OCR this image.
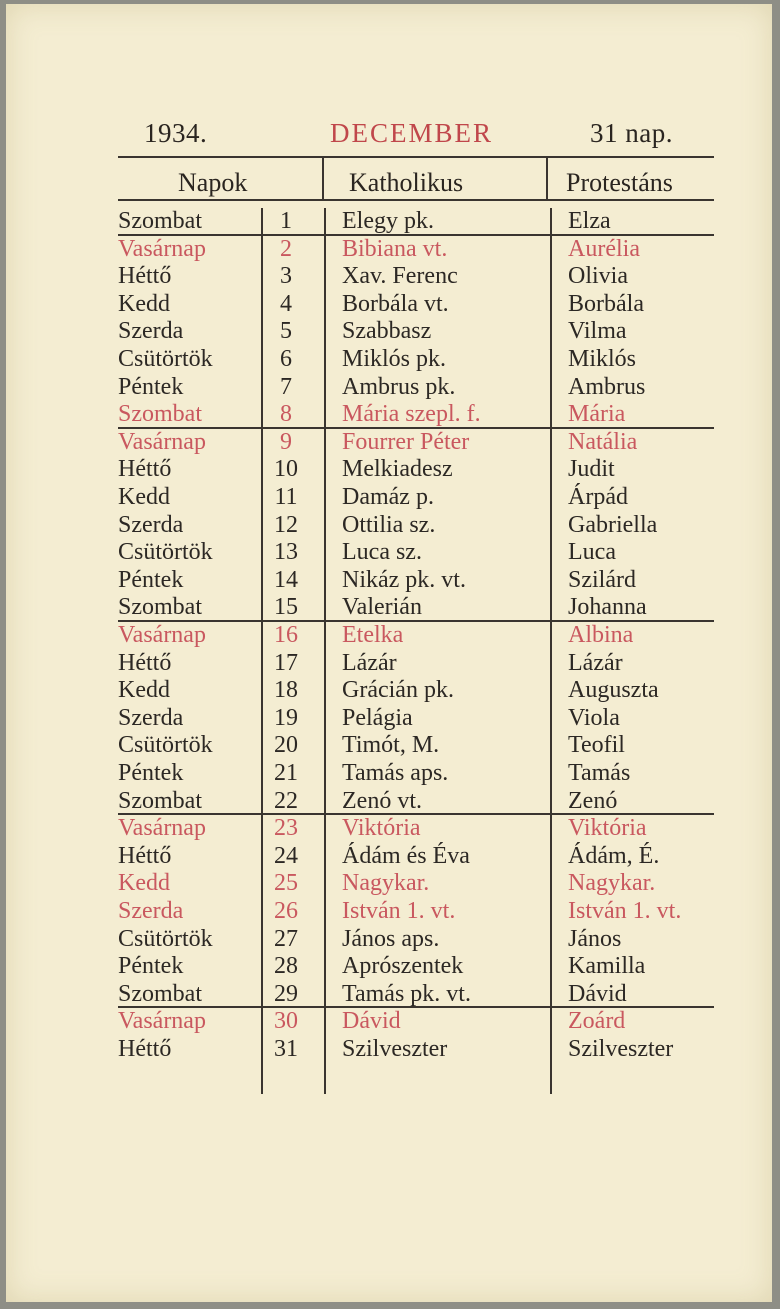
1934.	DECEMBER	31 nap.
Napok	Katholikus	Protestáns
Szombat	1	Elegy pk.	Elza
Vasárnap	2	Bibiana vt.	Aurélia
Héttő	3	Xav. Ferenc	Olivia
Kedd	4	Borbála vt.	Borbála
Szerda	5	Szabbasz	Vilma
Csütörtök	6	Miklós pk.	Miklós
Péntek	7	Ambrus pk.	Ambrus
Szombat	8	Mária szepl. f.	Mária
Vasárnap	9	Fourrer Péter	Natália
Héttő	10	Melkiadesz	Judit
Kedd	11	Damáz p.	Árpád
Szerda	12	Ottilia sz.	Gabriella
Csütörtök	13	Luca sz.	Luca
Péntek	14	Nikáz pk. vt.	Szilárd
Szombat	15	Valerián	Johanna
Vasárnap	16	Etelka	Albina
Héttő	17	Lázár	Lázár
Kedd	18	Grácián pk.	Auguszta
Szerda	19	Pelágia	Viola
Csütörtök	20	Timót, M.	Teofil
Péntek	21	Tamás aps.	Tamás
Szombat	22	Zenó vt.	Zenó
Vasárnap	23	Viktória	Viktória
Héttő	24	Ádám és Éva	Ádám, É.
Kedd	25	Nagykar.	Nagykar.
Szerda	26	István 1. vt.	István 1. vt.
Csütörtök	27	János aps.	János
Péntek	28	Aprószentek	Kamilla
Szombat	29	Tamás pk. vt.	Dávid
Vasárnap	30	Dávid	Zoárd
Héttő	31	Szilveszter	Szilveszter
